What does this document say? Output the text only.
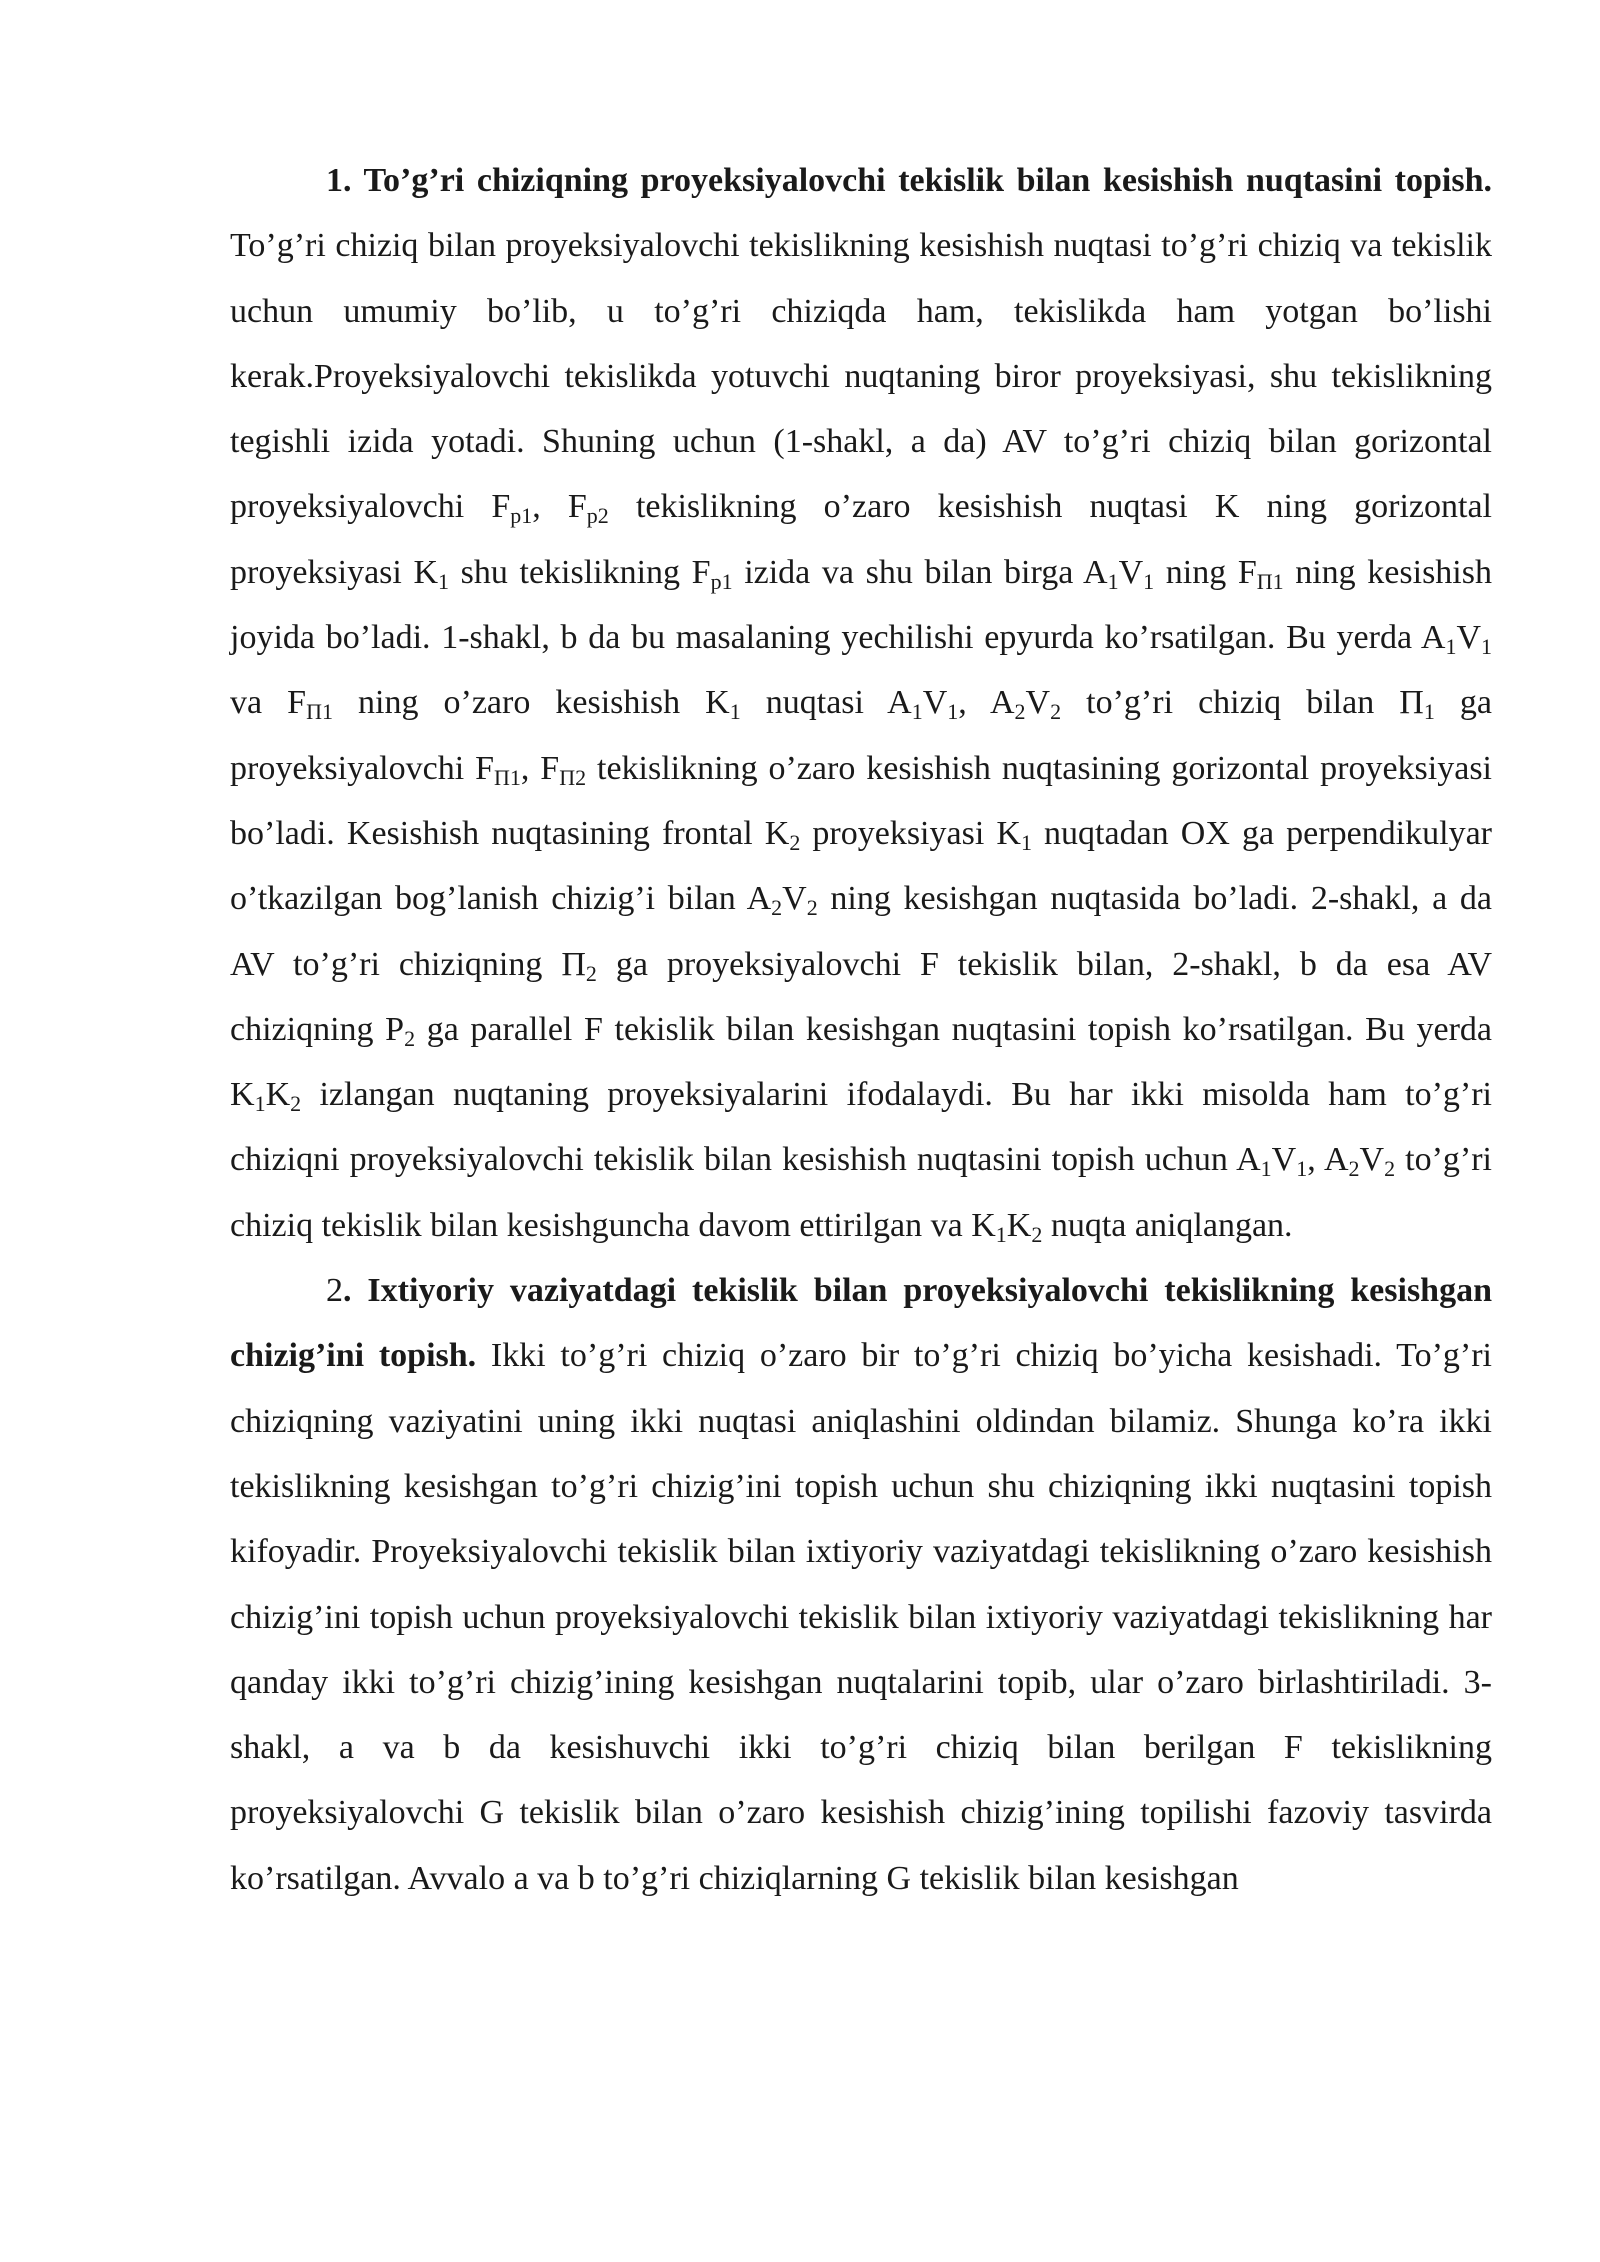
1. To’g’ri chiziqning proyeksiyalovchi tekislik bilan kesishish nuqtasini topish. To’g’ri chiziq bilan proyeksiyalovchi tekislikning kesishish nuqtasi to’g’ri chiziq va tekislik uchun umumiy bo’lib, u to’g’ri chiziqda ham, tekislikda ham yotgan bo’lishi kerak.Proyeksiyalovchi tekislikda yotuvchi nuqtaning biror proyeksiyasi, shu tekislikning tegishli izida yotadi. Shuning uchun (1-shakl, a da) AV to’g’ri chiziq bilan gorizontal proyeksiyalovchi $F_{p1}$, $F_{p2}$ tekislikning o’zaro kesishish nuqtasi K ning gorizontal proyeksiyasi $K_1$ shu tekislikning $F_{p1}$ izida va shu bilan birga $A_1V_1$ ning $F_{П1}$ ning kesishish joyida bo’ladi. 1-shakl, b da bu masalaning yechilishi epyurda ko’rsatilgan. Bu yerda $A_1V_1$ va $F_{П1}$ ning o’zaro kesishish $K_1$ nuqtasi $A_1V_1$, $A_2V_2$ to’g’ri chiziq bilan $\Pi_1$ ga proyeksiyalovchi $F_{П1}$, $F_{П2}$ tekislikning o’zaro kesishish nuqtasining gorizontal proyeksiyasi bo’ladi. Kesishish nuqtasining frontal $K_2$ proyeksiyasi $K_1$ nuqtadan OX ga perpendikulyar o’tkazilgan bog’lanish chizig’i bilan $A_2V_2$ ning kesishgan nuqtasida bo’ladi. 2-shakl, a da AV to’g’ri chiziqning $\Pi_2$ ga proyeksiyalovchi F tekislik bilan, 2-shakl, b da esa AV chiziqning $P_2$ ga parallel F tekislik bilan kesishgan nuqtasini topish ko’rsatilgan. Bu yerda $K_1K_2$ izlangan nuqtaning proyeksiyalarini ifodalaydi. Bu har ikki misolda ham to’g’ri chiziqni proyeksiyalovchi tekislik bilan kesishish nuqtasini topish uchun $A_1V_1$, $A_2V_2$ to’g’ri chiziq tekislik bilan kesishguncha davom ettirilgan va $K_1K_2$ nuqta aniqlangan.

2. Ixtiyoriy vaziyatdagi tekislik bilan proyeksiyalovchi tekislikning kesishgan chizig’ini topish. Ikki to’g’ri chiziq o’zaro bir to’g’ri chiziq bo’yicha kesishadi. To’g’ri chiziqning vaziyatini uning ikki nuqtasi aniqlashini oldindan bilamiz. Shunga ko’ra ikki tekislikning kesishgan to’g’ri chizig’ini topish uchun shu chiziqning ikki nuqtasini topish kifoyadir. Proyeksiyalovchi tekislik bilan ixtiyoriy vaziyatdagi tekislikning o’zaro kesishish chizig’ini topish uchun proyeksiyalovchi tekislik bilan ixtiyoriy vaziyatdagi tekislikning har qanday ikki to’g’ri chizig’ining kesishgan nuqtalarini topib, ular o’zaro birlashtiriladi. 3-shakl, a va b da kesishuvchi ikki to’g’ri chiziq bilan berilgan F tekislikning proyeksiyalovchi G tekislik bilan o’zaro kesishish chizig’ining topilishi fazoviy tasvirda ko’rsatilgan. Avvalo a va b to’g’ri chiziqlarning G tekislik bilan kesishgan
